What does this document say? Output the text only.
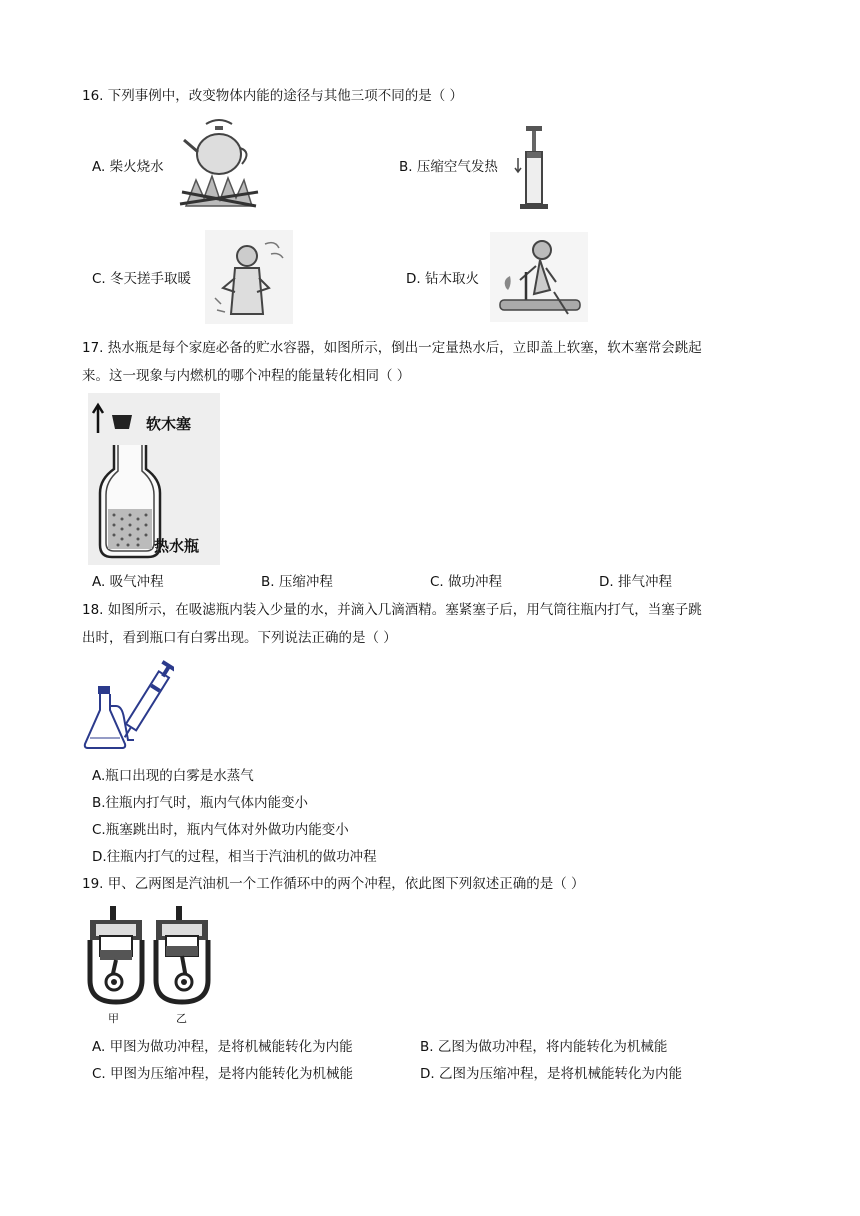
16. 下列事例中，改变物体内能的途径与其他三项不同的是（ ）
A. 柴火烧水	B. 压缩空气发热
C. 冬天搓手取暖	D. 钻木取火
17. 热水瓶是每个家庭必备的贮水容器，如图所示，倒出一定量热水后，立即盖上软塞，软木塞常会跳起
来。这一现象与内燃机的哪个冲程的能量转化相同（ ）
软木塞
热水瓶
A. 吸气冲程	B. 压缩冲程	C. 做功冲程	D. 排气冲程
18. 如图所示，在吸滤瓶内装入少量的水，并滴入几滴酒精。塞紧塞子后，用气筒往瓶内打气，当塞子跳
出时，看到瓶口有白雾出现。下列说法正确的是（ ）
A.瓶口出现的白雾是水蒸气
B.往瓶内打气时，瓶内气体内能变小
C.瓶塞跳出时，瓶内气体对外做功内能变小
D.往瓶内打气的过程，相当于汽油机的做功冲程
19. 甲、乙两图是汽油机一个工作循环中的两个冲程，依此图下列叙述正确的是（ ）
甲	乙
A. 甲图为做功冲程，是将机械能转化为内能	B. 乙图为做功冲程，将内能转化为机械能
C. 甲图为压缩冲程，是将内能转化为机械能	D. 乙图为压缩冲程，是将机械能转化为内能
